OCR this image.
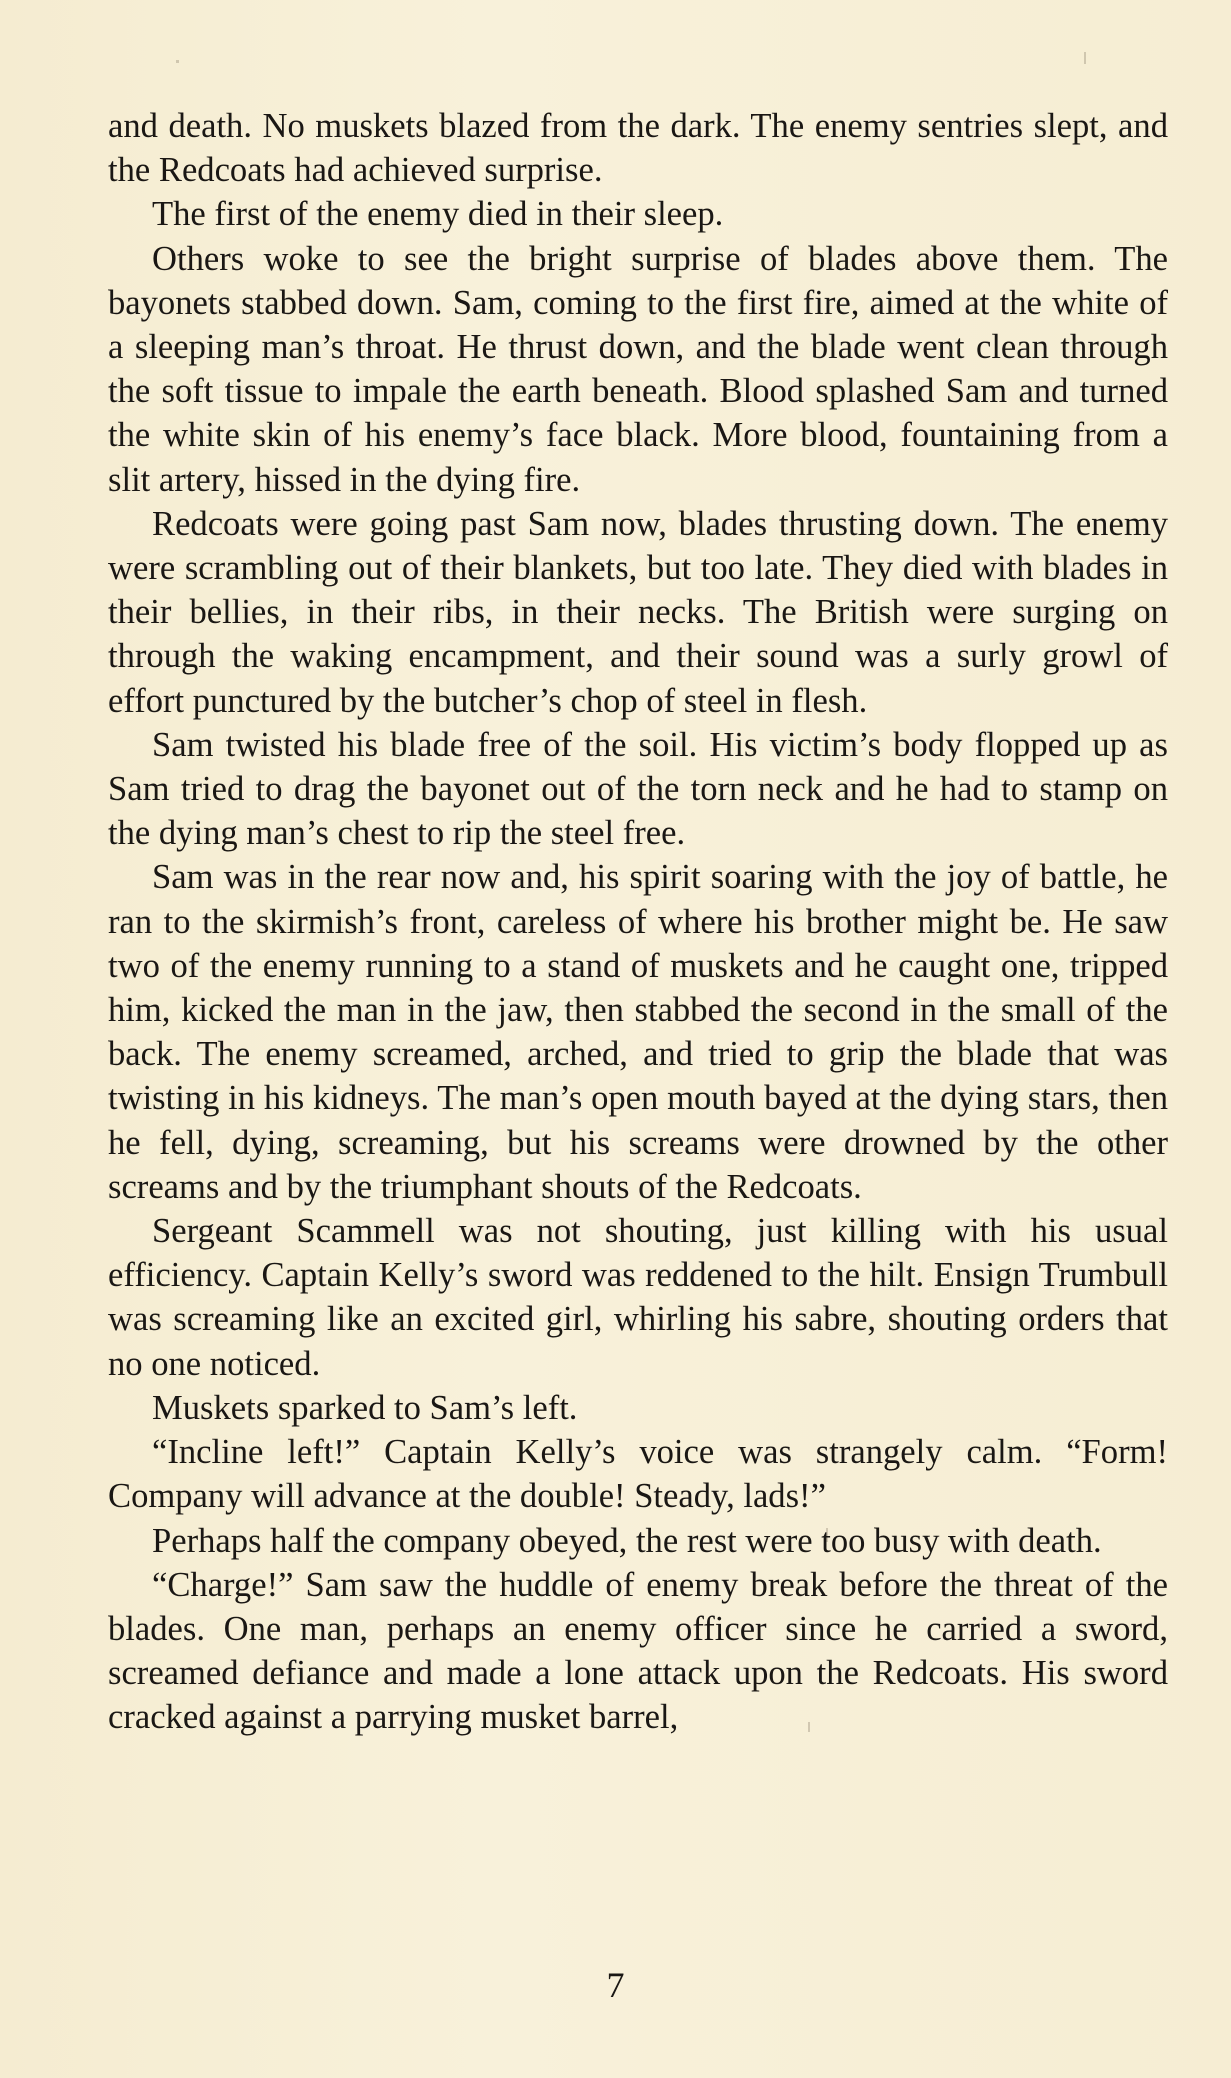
and death. No muskets blazed from the dark. The enemy sentries slept, and the Redcoats had achieved surprise.

The first of the enemy died in their sleep.

Others woke to see the bright surprise of blades above them. The bayonets stabbed down. Sam, coming to the first fire, aimed at the white of a sleeping man’s throat. He thrust down, and the blade went clean through the soft tissue to impale the earth beneath. Blood splashed Sam and turned the white skin of his enemy’s face black. More blood, fountaining from a slit artery, hissed in the dying fire.

Redcoats were going past Sam now, blades thrusting down. The enemy were scrambling out of their blankets, but too late. They died with blades in their bellies, in their ribs, in their necks. The British were surging on through the waking encampment, and their sound was a surly growl of effort punctured by the butcher’s chop of steel in flesh.

Sam twisted his blade free of the soil. His victim’s body flopped up as Sam tried to drag the bayonet out of the torn neck and he had to stamp on the dying man’s chest to rip the steel free.

Sam was in the rear now and, his spirit soaring with the joy of battle, he ran to the skirmish’s front, careless of where his brother might be. He saw two of the enemy running to a stand of muskets and he caught one, tripped him, kicked the man in the jaw, then stabbed the second in the small of the back. The enemy screamed, arched, and tried to grip the blade that was twisting in his kidneys. The man’s open mouth bayed at the dying stars, then he fell, dying, screaming, but his screams were drowned by the other screams and by the triumphant shouts of the Redcoats.

Sergeant Scammell was not shouting, just killing with his usual efficiency. Captain Kelly’s sword was reddened to the hilt. Ensign Trumbull was screaming like an excited girl, whirling his sabre, shouting orders that no one noticed.

Muskets sparked to Sam’s left.

“Incline left!” Captain Kelly’s voice was strangely calm. “Form! Company will advance at the double! Steady, lads!”

Perhaps half the company obeyed, the rest were too busy with death.

“Charge!” Sam saw the huddle of enemy break before the threat of the blades. One man, perhaps an enemy officer since he carried a sword, screamed defiance and made a lone attack upon the Redcoats. His sword cracked against a parrying musket barrel,

7
